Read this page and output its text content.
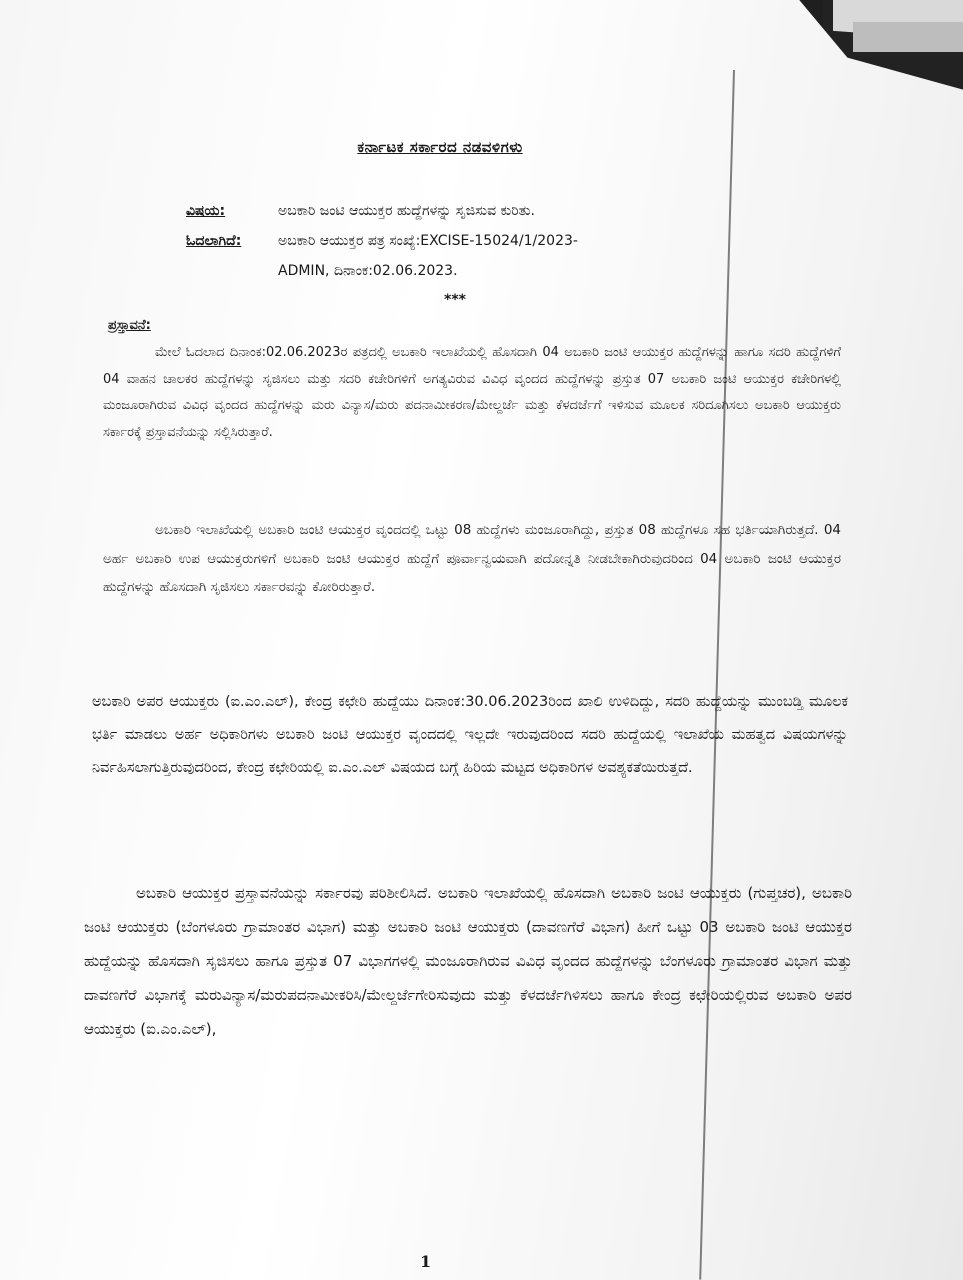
ಕರ್ನಾಟಕ ಸರ್ಕಾರದ ನಡವಳಿಗಳು
ವಿಷಯ:	ಅಬಕಾರಿ ಜಂಟಿ ಆಯುಕ್ತರ ಹುದ್ದೆಗಳನ್ನು ಸೃಜಿಸುವ ಕುರಿತು.
ಓದಲಾಗಿದೆ:	ಅಬಕಾರಿ ಆಯುಕ್ತರ ಪತ್ರ ಸಂಖ್ಯೆ:EXCISE-15024/1/2023-
ADMIN, ದಿನಾಂಕ:02.06.2023.
***
ಪ್ರಸ್ತಾವನೆ:
ಮೇಲೆ ಓದಲಾದ ದಿನಾಂಕ:02.06.2023ರ ಪತ್ರದಲ್ಲಿ ಅಬಕಾರಿ ಇಲಾಖೆಯಲ್ಲಿ ಹೊಸದಾಗಿ 04 ಅಬಕಾರಿ ಜಂಟಿ ಆಯುಕ್ತರ ಹುದ್ದೆಗಳನ್ನು ಹಾಗೂ ಸದರಿ ಹುದ್ದೆಗಳಿಗೆ 04 ವಾಹನ ಚಾಲಕರ ಹುದ್ದೆಗಳನ್ನು ಸೃಜಿಸಲು ಮತ್ತು ಸದರಿ ಕಚೇರಿಗಳಿಗೆ ಅಗತ್ಯವಿರುವ ವಿವಿಧ ವೃಂದದ ಹುದ್ದೆಗಳನ್ನು ಪ್ರಸ್ತುತ 07 ಅಬಕಾರಿ ಜಂಟಿ ಆಯುಕ್ತರ ಕಚೇರಿಗಳಲ್ಲಿ ಮಂಜೂರಾಗಿರುವ ವಿವಿಧ ವೃಂದದ ಹುದ್ದೆಗಳನ್ನು ಮರು ವಿನ್ಯಾಸ/ಮರು ಪದನಾಮೀಕರಣ/ಮೇಲ್ದರ್ಜೆ ಮತ್ತು ಕೆಳದರ್ಜೆಗೆ ಇಳಿಸುವ ಮೂಲಕ ಸರಿದೂಗಿಸಲು ಅಬಕಾರಿ ಆಯುಕ್ತರು ಸರ್ಕಾರಕ್ಕೆ ಪ್ರಸ್ತಾವನೆಯನ್ನು ಸಲ್ಲಿಸಿರುತ್ತಾರೆ.
ಅಬಕಾರಿ ಇಲಾಖೆಯಲ್ಲಿ ಅಬಕಾರಿ ಜಂಟಿ ಆಯುಕ್ತರ ವೃಂದದಲ್ಲಿ ಒಟ್ಟು 08 ಹುದ್ದೆಗಳು ಮಂಜೂರಾಗಿದ್ದು, ಪ್ರಸ್ತುತ 08 ಹುದ್ದೆಗಳೂ ಸಹ ಭರ್ತಿಯಾಗಿರುತ್ತದೆ. 04 ಅರ್ಹ ಅಬಕಾರಿ ಉಪ ಆಯುಕ್ತರುಗಳಿಗೆ ಅಬಕಾರಿ ಜಂಟಿ ಆಯುಕ್ತರ ಹುದ್ದೆಗೆ ಪೂರ್ವಾನ್ವಯವಾಗಿ ಪದೋನ್ನತಿ ನೀಡಬೇಕಾಗಿರುವುದರಿಂದ 04 ಅಬಕಾರಿ ಜಂಟಿ ಆಯುಕ್ತರ ಹುದ್ದೆಗಳನ್ನು ಹೊಸದಾಗಿ ಸೃಜಿಸಲು ಸರ್ಕಾರವನ್ನು ಕೋರಿರುತ್ತಾರೆ.
ಅಬಕಾರಿ ಅಪರ ಆಯುಕ್ತರು (ಐ.ಎಂ.ಎಲ್), ಕೇಂದ್ರ ಕಛೇರಿ ಹುದ್ದೆಯು ದಿನಾಂಕ:30.06.2023ರಿಂದ ಖಾಲಿ ಉಳಿದಿದ್ದು, ಸದರಿ ಹುದ್ದೆಯನ್ನು ಮುಂಬಡ್ತಿ ಮೂಲಕ ಭರ್ತಿ ಮಾಡಲು ಅರ್ಹ ಅಧಿಕಾರಿಗಳು ಅಬಕಾರಿ ಜಂಟಿ ಆಯುಕ್ತರ ವೃಂದದಲ್ಲಿ ಇಲ್ಲದೇ ಇರುವುದರಿಂದ ಸದರಿ ಹುದ್ದೆಯಲ್ಲಿ ಇಲಾಖೆಯ ಮಹತ್ವದ ವಿಷಯಗಳನ್ನು ನಿರ್ವಹಿಸಲಾಗುತ್ತಿರುವುದರಿಂದ, ಕೇಂದ್ರ ಕಛೇರಿಯಲ್ಲಿ ಐ.ಎಂ.ಎಲ್ ವಿಷಯದ ಬಗ್ಗೆ ಹಿರಿಯ ಮಟ್ಟದ ಅಧಿಕಾರಿಗಳ ಅವಶ್ಯಕತೆಯಿರುತ್ತದೆ.
ಅಬಕಾರಿ ಆಯುಕ್ತರ ಪ್ರಸ್ತಾವನೆಯನ್ನು ಸರ್ಕಾರವು ಪರಿಶೀಲಿಸಿದೆ. ಅಬಕಾರಿ ಇಲಾಖೆಯಲ್ಲಿ ಹೊಸದಾಗಿ ಅಬಕಾರಿ ಜಂಟಿ ಆಯುಕ್ತರು (ಗುಪ್ತಚರ), ಅಬಕಾರಿ ಜಂಟಿ ಆಯುಕ್ತರು (ಬೆಂಗಳೂರು ಗ್ರಾಮಾಂತರ ವಿಭಾಗ) ಮತ್ತು ಅಬಕಾರಿ ಜಂಟಿ ಆಯುಕ್ತರು (ದಾವಣಗೆರೆ ವಿಭಾಗ) ಹೀಗೆ ಒಟ್ಟು 03 ಅಬಕಾರಿ ಜಂಟಿ ಆಯುಕ್ತರ ಹುದ್ದೆಯನ್ನು ಹೊಸದಾಗಿ ಸೃಜಿಸಲು ಹಾಗೂ ಪ್ರಸ್ತುತ 07 ವಿಭಾಗಗಳಲ್ಲಿ ಮಂಜೂರಾಗಿರುವ ವಿವಿಧ ವೃಂದದ ಹುದ್ದೆಗಳನ್ನು ಬೆಂಗಳೂರು ಗ್ರಾಮಾಂತರ ವಿಭಾಗ ಮತ್ತು ದಾವಣಗೆರೆ ವಿಭಾಗಕ್ಕೆ ಮರುವಿನ್ಯಾಸ/ಮರುಪದನಾಮೀಕರಿಸಿ/ಮೇಲ್ದರ್ಜೆಗೇರಿಸುವುದು ಮತ್ತು ಕೆಳದರ್ಜೆಗಿಳಿಸಲು ಹಾಗೂ ಕೇಂದ್ರ ಕಛೇರಿಯಲ್ಲಿರುವ ಅಬಕಾರಿ ಅಪರ ಆಯುಕ್ತರು (ಐ.ಎಂ.ಎಲ್),
1
